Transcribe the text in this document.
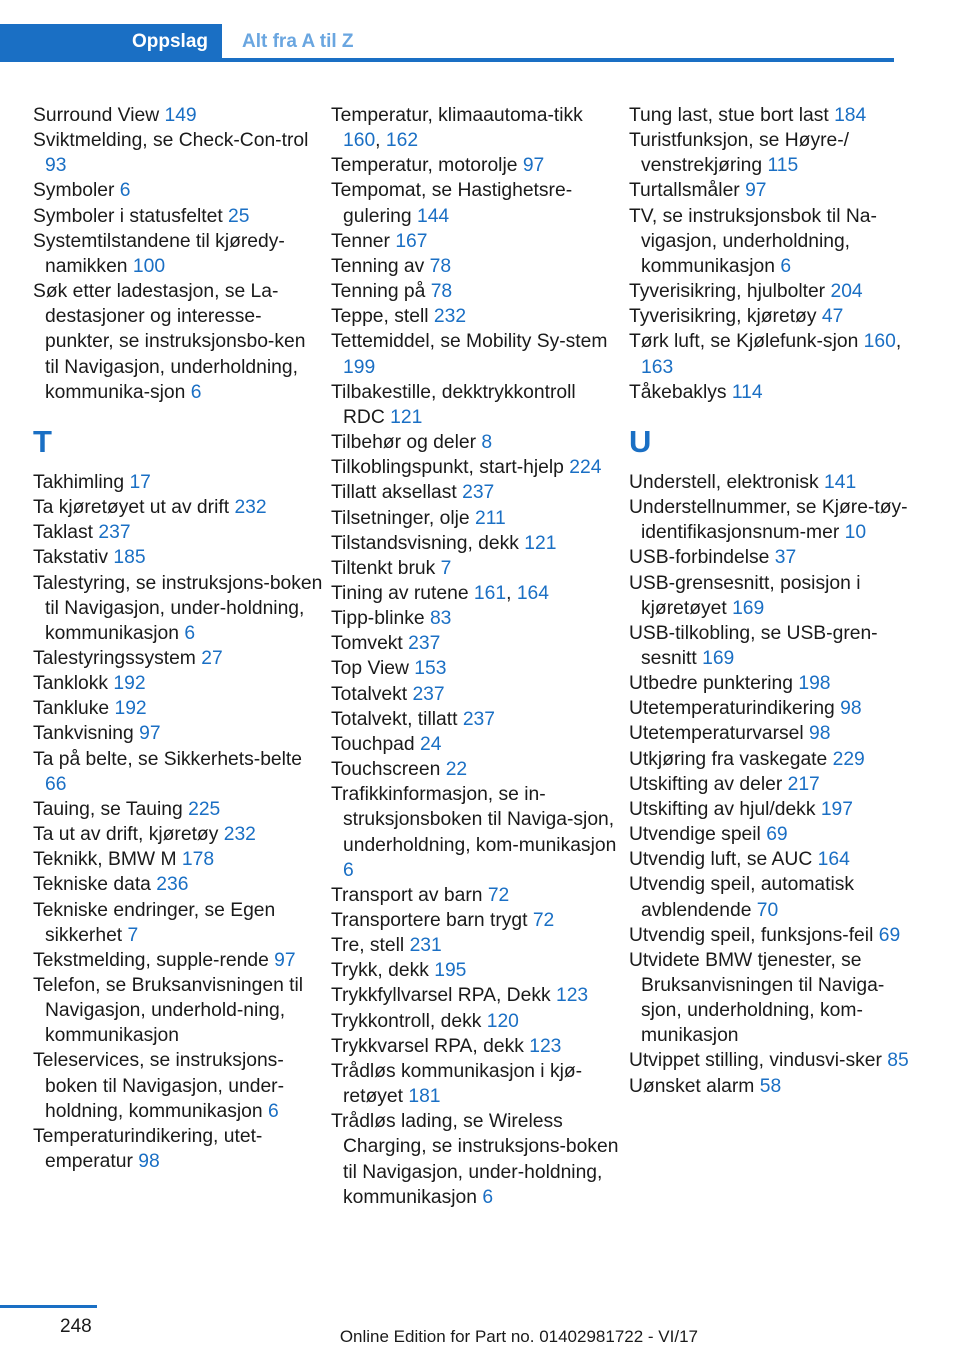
Oppslag	Alt fra A til Z
Surround View 149
Sviktmelding, se Check-Con‐trol 93
Symboler 6
Symboler i statusfeltet 25
Systemtilstandene til kjøredy‐namikken 100
Søk etter ladestasjon, se La‐destasjoner og interesse‐punkter, se instruksjonsbo‐ken til Navigasjon, underholdning, kommunika‐sjon 6
T
Takhimling 17
Ta kjøretøyet ut av drift 232
Taklast 237
Takstativ 185
Talestyring, se instruksjons‐boken til Navigasjon, under‐holdning, kommunikasjon 6
Talestyringssystem 27
Tanklokk 192
Tankluke 192
Tankvisning 97
Ta på belte, se Sikkerhets‐belte 66
Tauing, se Tauing 225
Ta ut av drift, kjøretøy 232
Teknikk, BMW M 178
Tekniske data 236
Tekniske endringer, se Egen sikkerhet 7
Tekstmelding, supple‐rende 97
Telefon, se Bruksanvisningen til Navigasjon, underhold‐ning, kommunikasjon
Teleservices, se instruksjons‐boken til Navigasjon, under‐holdning, kommunikasjon 6
Temperaturindikering, utet‐emperatur 98
Temperatur, klimaautoma‐tikk 160, 162
Temperatur, motorolje 97
Tempomat, se Hastighetsre‐gulering 144
Tenner 167
Tenning av 78
Tenning på 78
Teppe, stell 232
Tettemiddel, se Mobility Sy‐stem 199
Tilbakestille, dekktrykkontroll RDC 121
Tilbehør og deler 8
Tilkoblingspunkt, start‐hjelp 224
Tillatt aksellast 237
Tilsetninger, olje 211
Tilstandsvisning, dekk 121
Tiltenkt bruk 7
Tining av rutene 161, 164
Tipp-blinke 83
Tomvekt 237
Top View 153
Totalvekt 237
Totalvekt, tillatt 237
Touchpad 24
Touchscreen 22
Trafikkinformasjon, se in‐struksjonsboken til Naviga‐sjon, underholdning, kom‐munikasjon 6
Transport av barn 72
Transportere barn trygt 72
Tre, stell 231
Trykk, dekk 195
Trykkfyllvarsel RPA, Dekk 123
Trykkontroll, dekk 120
Trykkvarsel RPA, dekk 123
Trådløs kommunikasjon i kjø‐retøyet 181
Trådløs lading, se Wireless Charging, se instruksjons‐boken til Navigasjon, under‐holdning, kommunikasjon 6
Tung last, stue bort last 184
Turistfunksjon, se Høyre-/ venstrekjøring 115
Turtallsmåler 97
TV, se instruksjonsbok til Na‐vigasjon, underholdning, kommunikasjon 6
Tyverisikring, hjulbolter 204
Tyverisikring, kjøretøy 47
Tørk luft, se Kjølefunk‐sjon 160, 163
Tåkebaklys 114
U
Understell, elektronisk 141
Understellnummer, se Kjøre‐tøy-identifikasjonsnum‐mer 10
USB-forbindelse 37
USB-grensesnitt, posisjon i kjøretøyet 169
USB-tilkobling, se USB-gren‐sesnitt 169
Utbedre punktering 198
Utetemperaturindikering 98
Utetemperaturvarsel 98
Utkjøring fra vaskegate 229
Utskifting av deler 217
Utskifting av hjul/dekk 197
Utvendige speil 69
Utvendig luft, se AUC 164
Utvendig speil, automatisk avblendende 70
Utvendig speil, funksjons‐feil 69
Utvidete BMW tjenester, se Bruksanvisningen til Naviga‐sjon, underholdning, kom‐munikasjon
Utvippet stilling, vindusvi‐sker 85
Uønsket alarm 58
248	Online Edition for Part no. 01402981722 - VI/17
